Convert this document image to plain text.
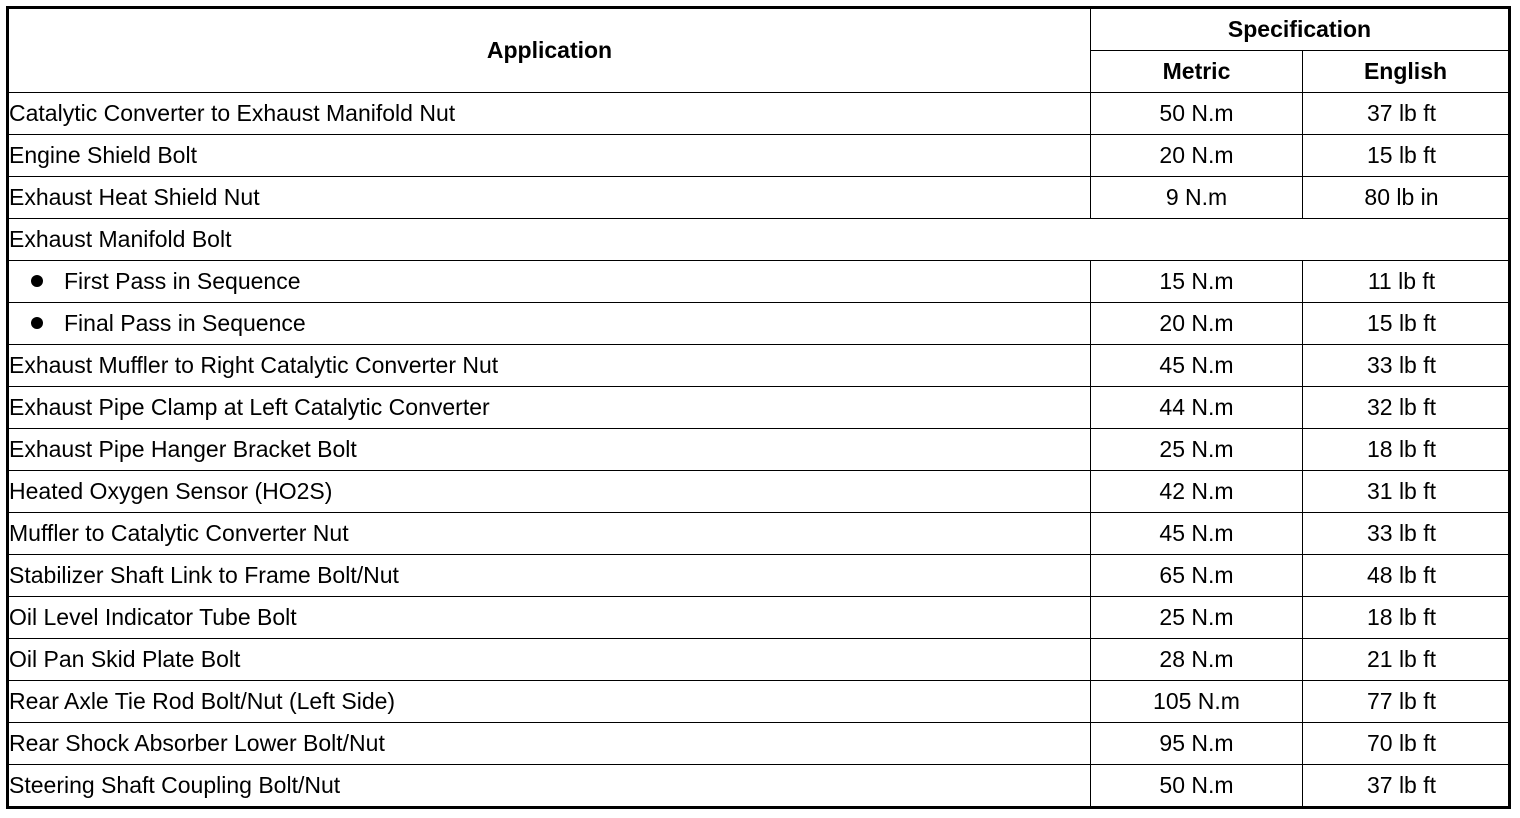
Application	Specification	
	Metric	English
Catalytic Converter to Exhaust Manifold Nut	50 N.m	37 lb ft
Engine Shield Bolt	20 N.m	15 lb ft
Exhaust Heat Shield Nut	9 N.m	80 lb in
Exhaust Manifold Bolt		
First Pass in Sequence	15 N.m	11 lb ft
Final Pass in Sequence	20 N.m	15 lb ft
Exhaust Muffler to Right Catalytic Converter Nut	45 N.m	33 lb ft
Exhaust Pipe Clamp at Left Catalytic Converter	44 N.m	32 lb ft
Exhaust Pipe Hanger Bracket Bolt	25 N.m	18 lb ft
Heated Oxygen Sensor (HO2S)	42 N.m	31 lb ft
Muffler to Catalytic Converter Nut	45 N.m	33 lb ft
Stabilizer Shaft Link to Frame Bolt/Nut	65 N.m	48 lb ft
Oil Level Indicator Tube Bolt	25 N.m	18 lb ft
Oil Pan Skid Plate Bolt	28 N.m	21 lb ft
Rear Axle Tie Rod Bolt/Nut (Left Side)	105 N.m	77 lb ft
Rear Shock Absorber Lower Bolt/Nut	95 N.m	70 lb ft
Steering Shaft Coupling Bolt/Nut	50 N.m	37 lb ft
